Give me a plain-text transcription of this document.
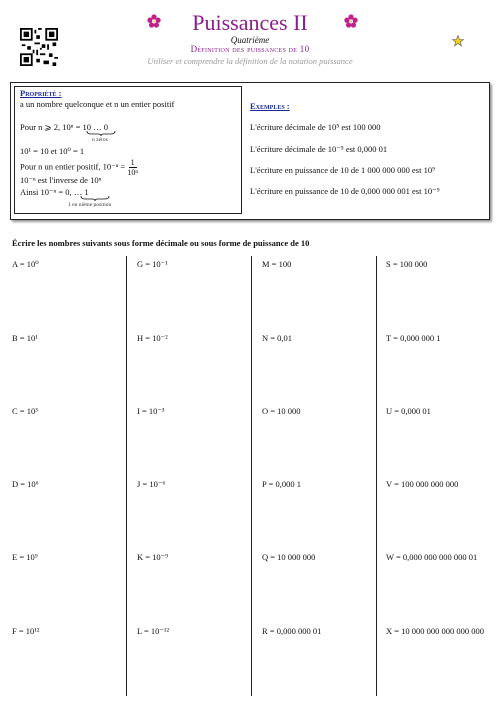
Puissances II
Quatrième
Définition des puissances de 10
Utiliser et comprendre la définition de la notation puissance
Propriété :
a un nombre quelconque et n un entier positif
Pour n ⩾ 2, 10ⁿ = 10 … 0
n zéros
10¹ = 10 et 10⁰ = 1
Pour n un entier positif, $10^{-n} = \frac{1}{\text{10ⁿ}}$
10⁻ⁿ est l'inverse de 10ⁿ
Ainsi 10⁻ⁿ = 0, … 1
1 en nième position
Exemples :
L'écriture décimale de 10⁵ est 100 000
L'écriture décimale de 10⁻⁵ est 0,000 01
L'écriture en puissance de 10 de 1 000 000 000 est 10⁹
L'écriture en puissance de 10 de 0,000 000 001 est 10⁻⁹
Écrire les nombres suivants sous forme décimale ou sous forme de puissance de 10
A = 10⁰
B = 10¹
C = 10³
D = 10⁶
E = 10⁹
F = 10¹²
G = 10⁻¹
H = 10⁻²
I = 10⁻³
J = 10⁻⁶
K = 10⁻⁹
L = 10⁻¹²
M = 100
N = 0,01
O = 10 000
P = 0,000 1
Q = 10 000 000
R = 0,000 000 01
S = 100 000
T = 0,000 000 1
U = 0,000 01
V = 100 000 000 000
W = 0,000 000 000 000 01
X = 10 000 000 000 000 000
